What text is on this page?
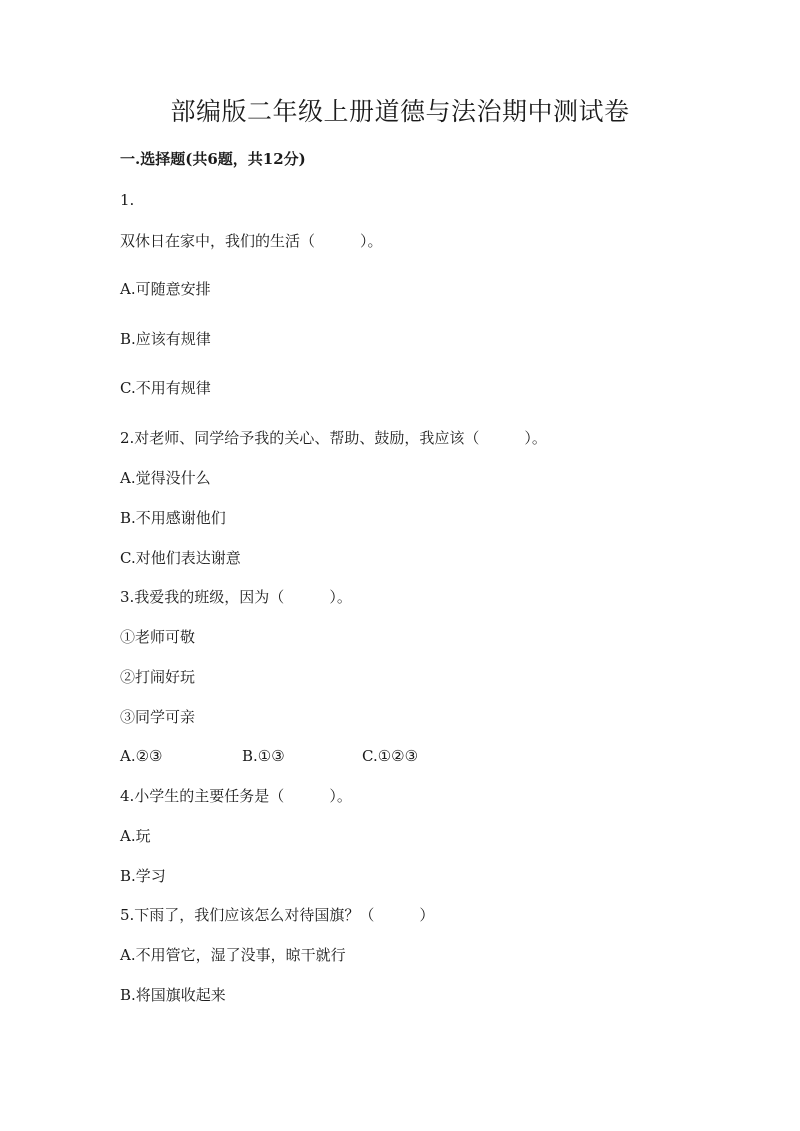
部编版二年级上册道德与法治期中测试卷

一.选择题(共6题，共12分)

1.

双休日在家中，我们的生活（　　　）。

A.可随意安排

B.应该有规律

C.不用有规律

2.对老师、同学给予我的关心、帮助、鼓励，我应该（　　　）。

A.觉得没什么

B.不用感谢他们

C.对他们表达谢意

3.我爱我的班级，因为（　　　）。

①老师可敬

②打闹好玩

③同学可亲

A.②③	B.①③	C.①②③

4.小学生的主要任务是（　　　）。

A.玩

B.学习

5.下雨了，我们应该怎么对待国旗？（　　　）

A.不用管它，湿了没事，晾干就行

B.将国旗收起来
